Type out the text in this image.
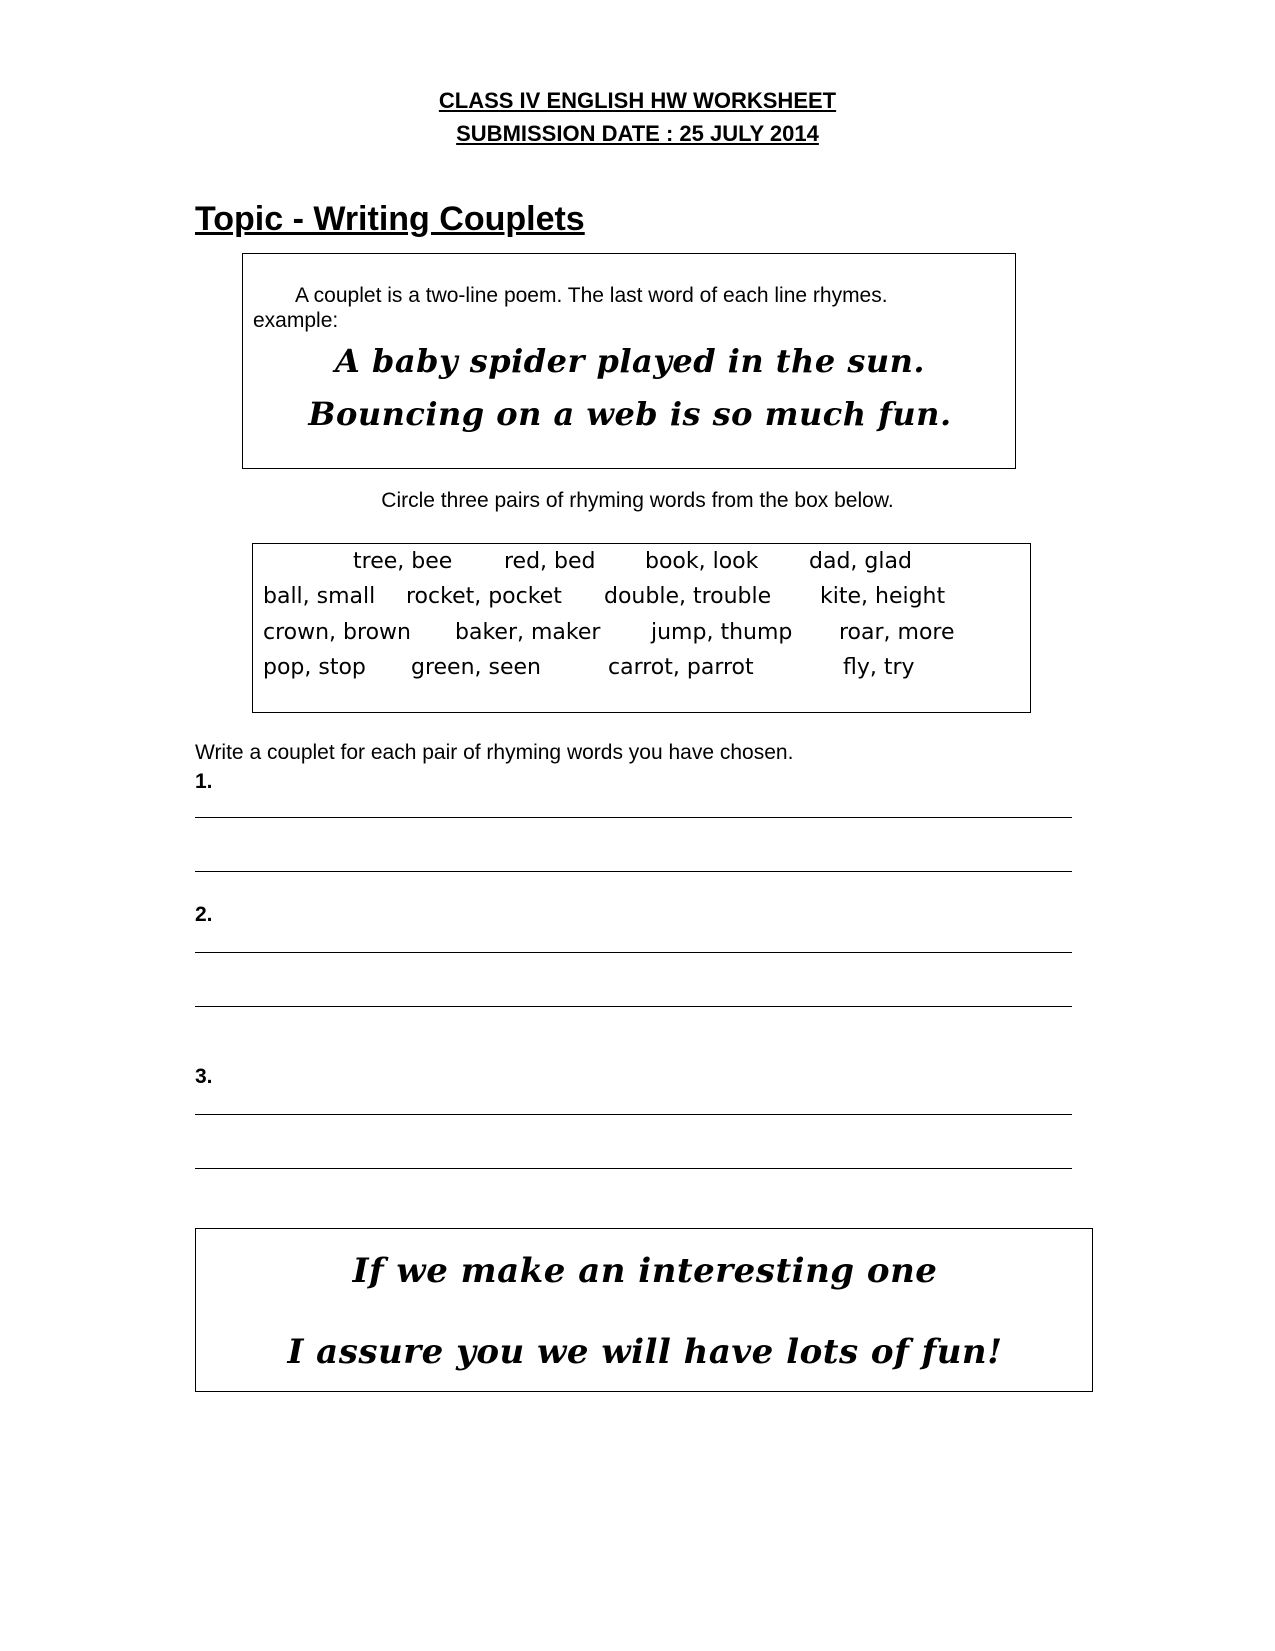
CLASS IV ENGLISH HW WORKSHEET
SUBMISSION DATE : 25 JULY 2014
Topic - Writing Couplets
A couplet is a two-line poem. The last word of each line rhymes.
example:
A baby spider played in the sun.
Bouncing on a web is so much fun.
Circle three pairs of rhyming words from the box below.
tree, bee red, bed book, look dad, glad
ball, small rocket, pocket double, trouble kite, height
crown, brown baker, maker jump, thump roar, more
pop, stop green, seen	carrot, parrot	fly, try
Write a couplet for each pair of rhyming words you have chosen.
1.
2.
3.
If we make an interesting one
I assure you we will have lots of fun!
